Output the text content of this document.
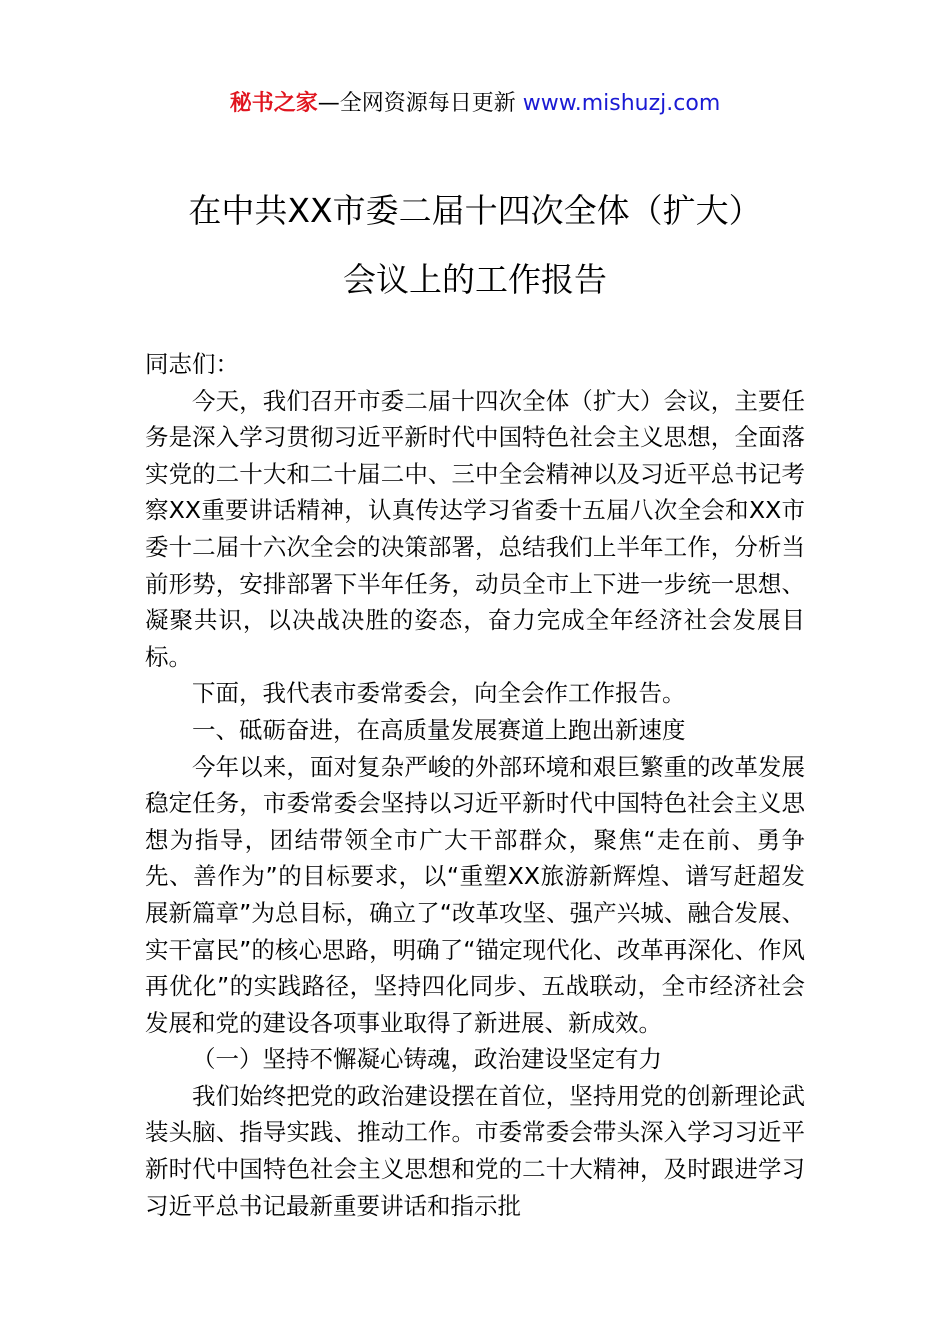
秘书之家—全网资源每日更新 www.mishuzj.com
在中共XX市委二届十四次全体（扩大）
会议上的工作报告

同志们：

今天，我们召开市委二届十四次全体（扩大）会议，主要任务是深入学习贯彻习近平新时代中国特色社会主义思想，全面落实党的二十大和二十届二中、三中全会精神以及习近平总书记考察XX重要讲话精神，认真传达学习省委十五届八次全会和XX市委十二届十六次全会的决策部署，总结我们上半年工作，分析当前形势，安排部署下半年任务，动员全市上下进一步统一思想、凝聚共识，以决战决胜的姿态，奋力完成全年经济社会发展目标。

下面，我代表市委常委会，向全会作工作报告。

一、砥砺奋进，在高质量发展赛道上跑出新速度

今年以来，面对复杂严峻的外部环境和艰巨繁重的改革发展稳定任务，市委常委会坚持以习近平新时代中国特色社会主义思想为指导，团结带领全市广大干部群众，聚焦“走在前、勇争先、善作为”的目标要求，以“重塑XX旅游新辉煌、谱写赶超发展新篇章”为总目标，确立了“改革攻坚、强产兴城、融合发展、实干富民”的核心思路，明确了“锚定现代化、改革再深化、作风再优化”的实践路径，坚持四化同步、五战联动，全市经济社会发展和党的建设各项事业取得了新进展、新成效。

（一）坚持不懈凝心铸魂，政治建设坚定有力

我们始终把党的政治建设摆在首位，坚持用党的创新理论武装头脑、指导实践、推动工作。市委常委会带头深入学习习近平新时代中国特色社会主义思想和党的二十大精神，及时跟进学习习近平总书记最新重要讲话和指示批
